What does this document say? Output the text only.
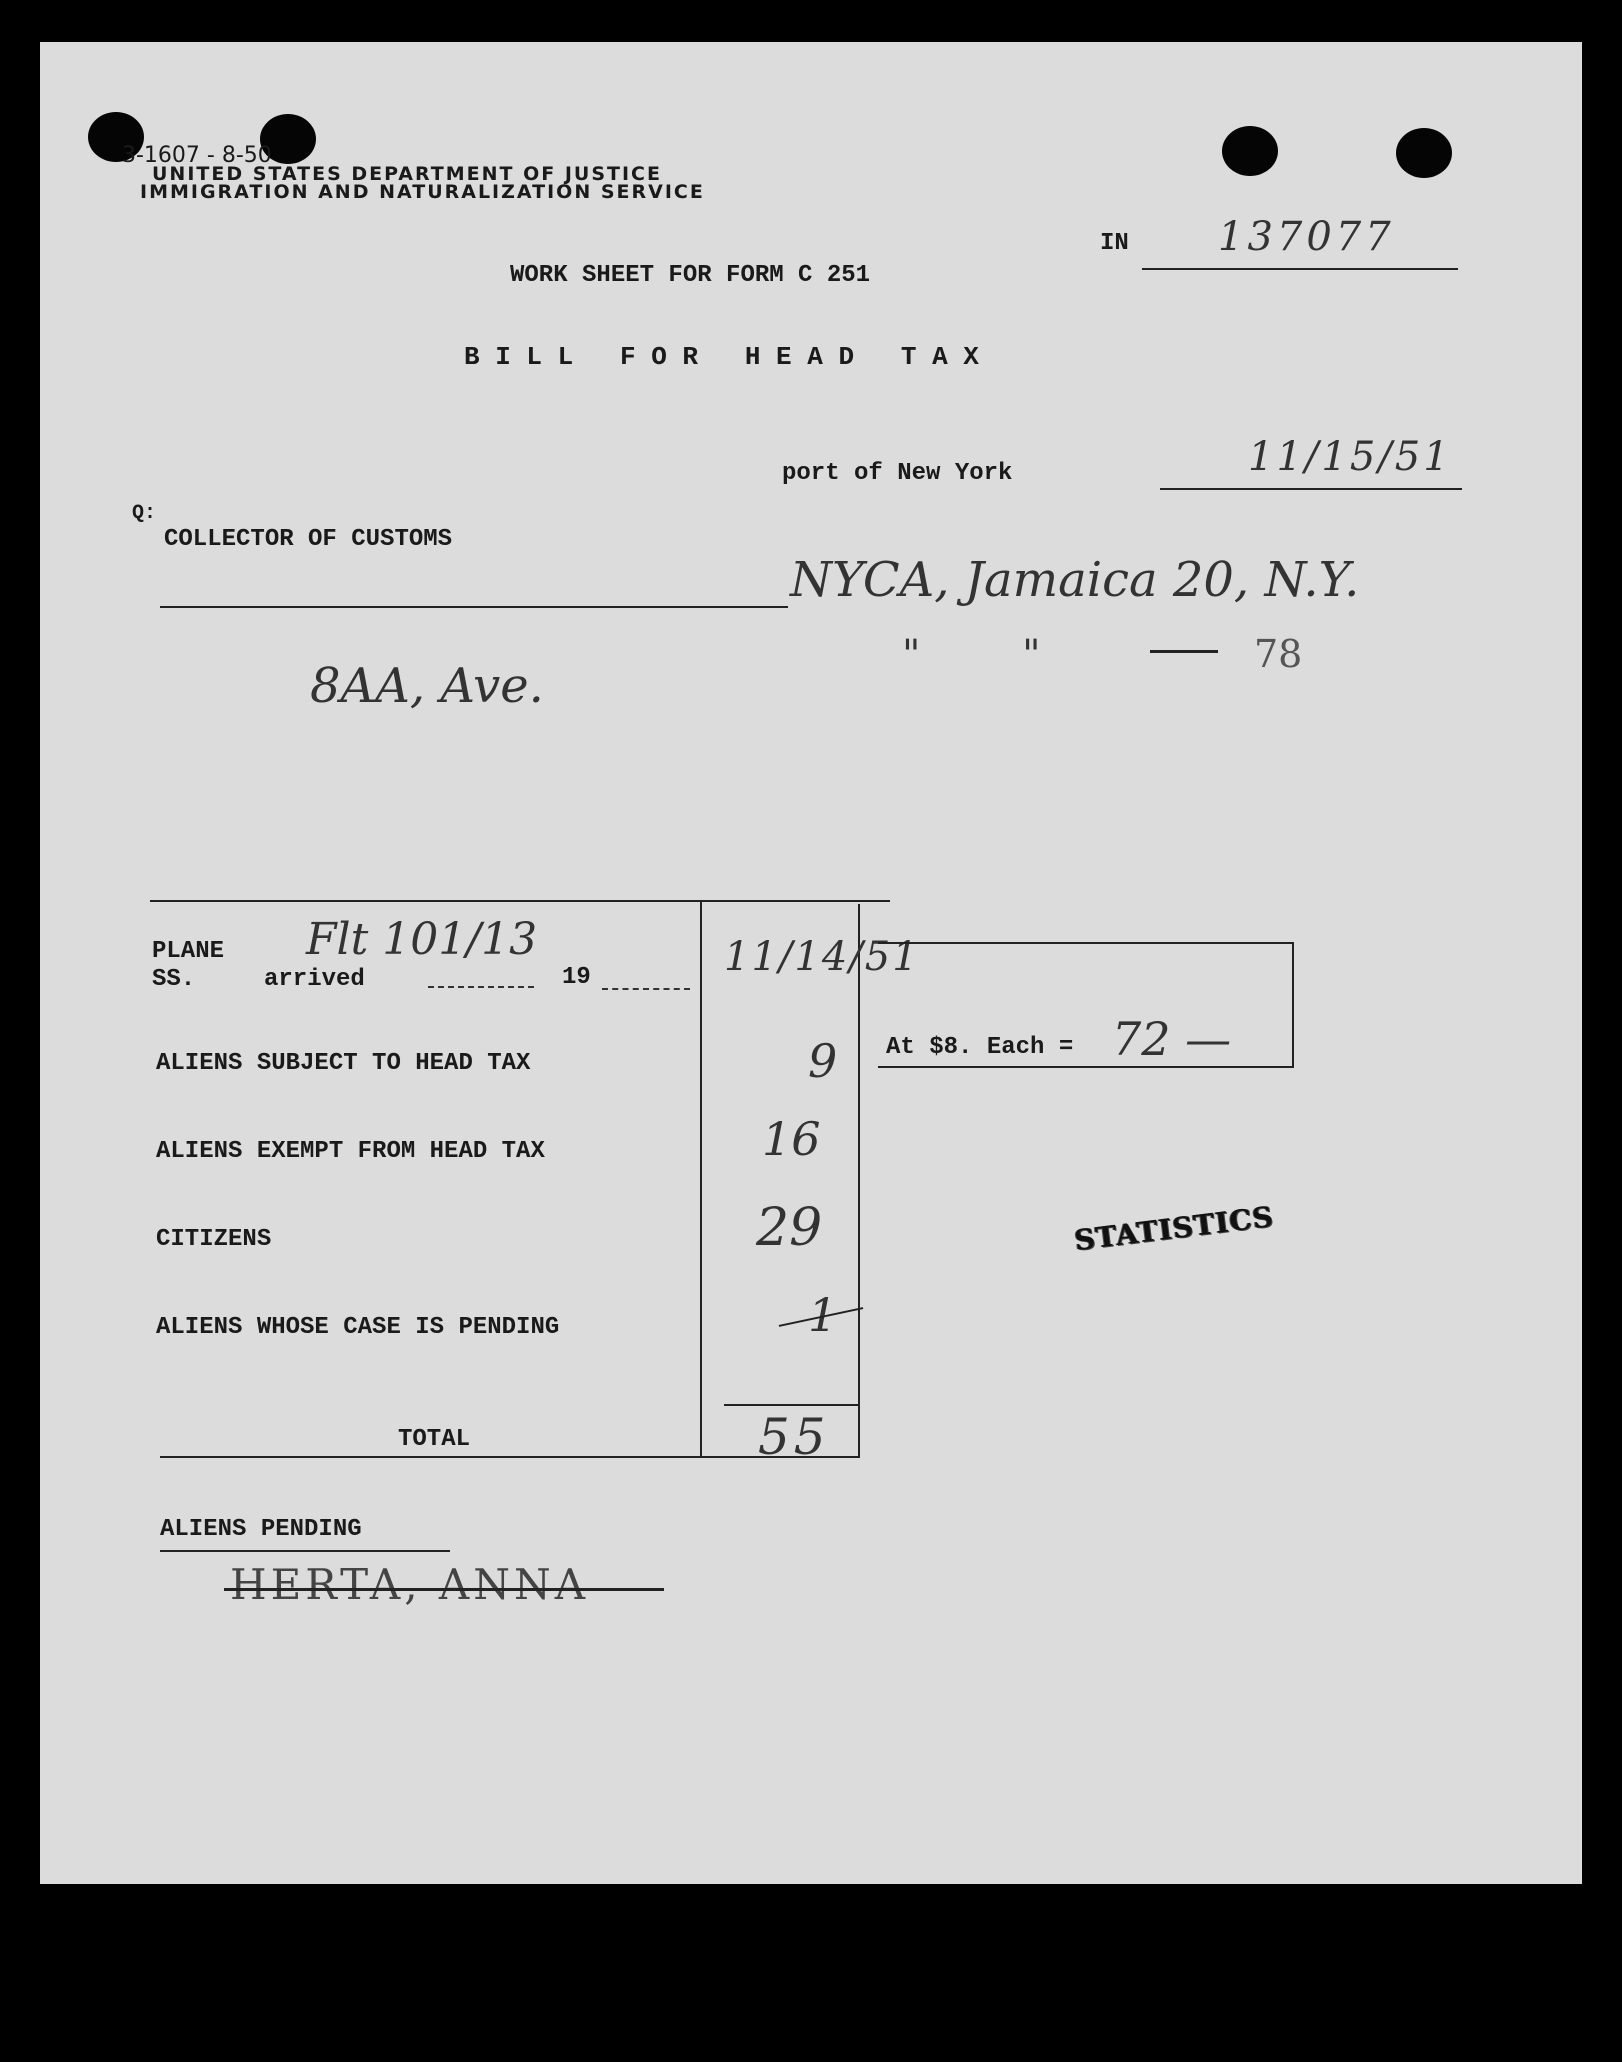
3-1607 - 8-50
UNITED STATES DEPARTMENT OF JUSTICE
IMMIGRATION AND NATURALIZATION SERVICE
IN 137077
WORK SHEET FOR FORM C 251
B I L L   F O R   H E A D   T A X
port of New York	11/15/51
Q:
COLLECTOR OF CUSTOMS
NYCA, Jamaica 20, N.Y.
"        "	78
8AA, Ave.
PLANE Flt 101/13
SS.	arrived	19	11/14/51
ALIENS SUBJECT TO HEAD TAX	9
ALIENS EXEMPT FROM HEAD TAX	16
CITIZENS	29
ALIENS WHOSE CASE IS PENDING	1
TOTAL	55
At $8. Each = 72 —
STATISTICS
ALIENS PENDING
HERTA, ANNA
